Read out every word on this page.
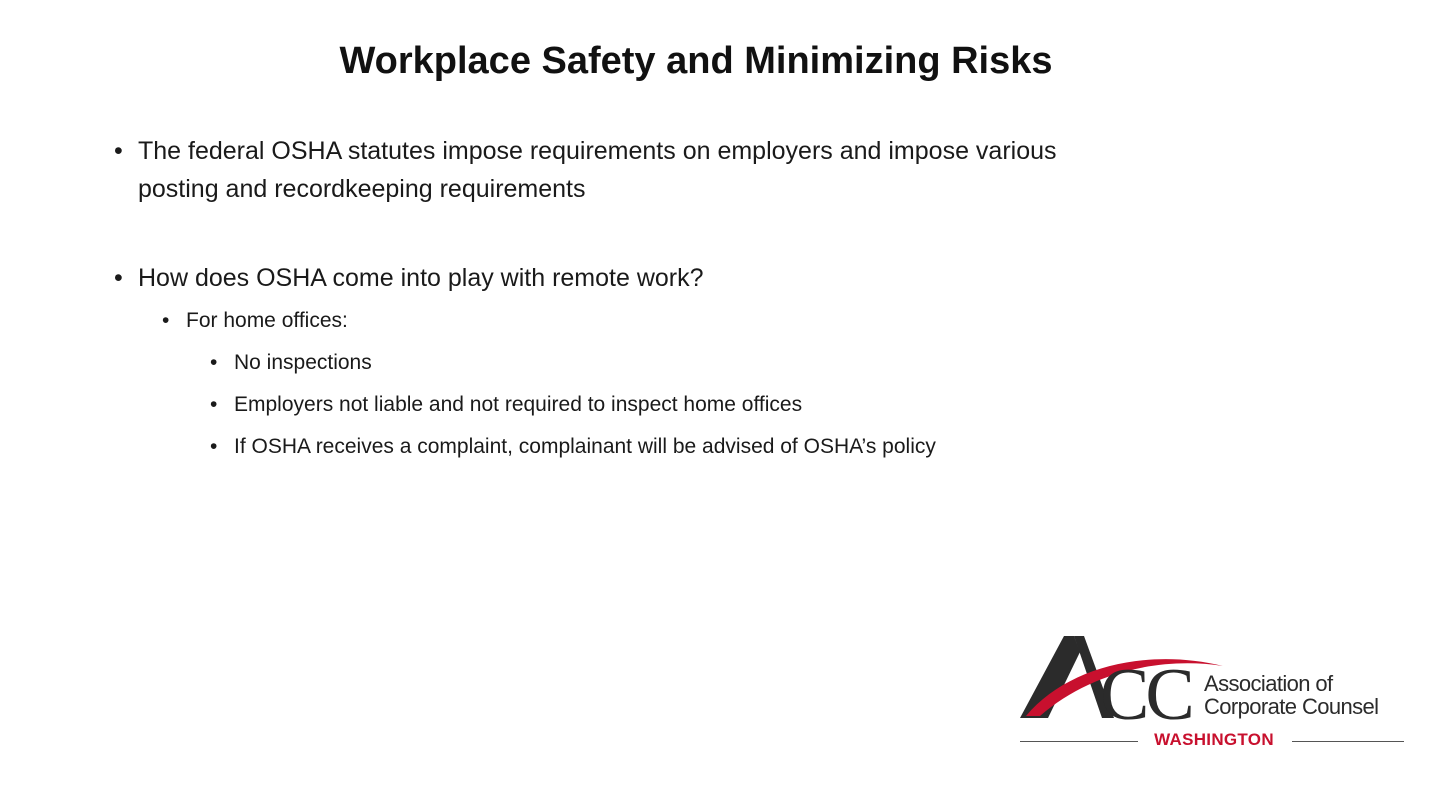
Workplace Safety and Minimizing Risks
• The federal OSHA statutes impose requirements on employers and impose various posting and recordkeeping requirements
• How does OSHA come into play with remote work?
• For home offices:
• No inspections
• Employers not liable and not required to inspect home offices
• If OSHA receives a complaint, complainant will be advised of OSHA’s policy
CC Association of
Corporate Counsel
WASHINGTON
